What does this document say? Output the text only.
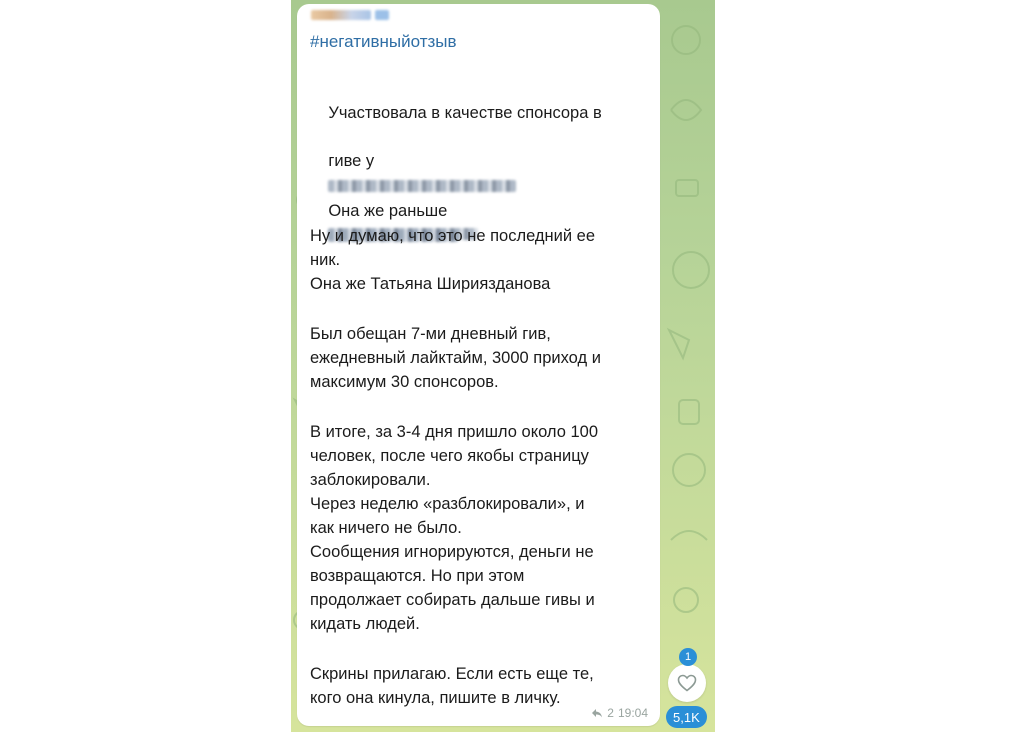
#негативныйотзыв

Участвовала в качестве спонсора в

гиве у

Она же раньше

Ну и думаю, что это не последний ее
ник.
Она же Татьяна Шириязданова
Был обещан 7-ми дневный гив,
ежедневный лайктайм, 3000 приход и
максимум 30 спонсоров.
В итоге, за 3-4 дня пришло около 100
человек, после чего якобы страницу
заблокировали.
Через неделю «разблокировали», и
как ничего не было.
Сообщения игнорируются, деньги не
возвращаются. Но при этом
продолжает собирать дальше гивы и
кидать людей.
Скрины прилагаю. Если есть еще те,
кого она кинула, пишите в личку.
2 19:04
1
5,1K
